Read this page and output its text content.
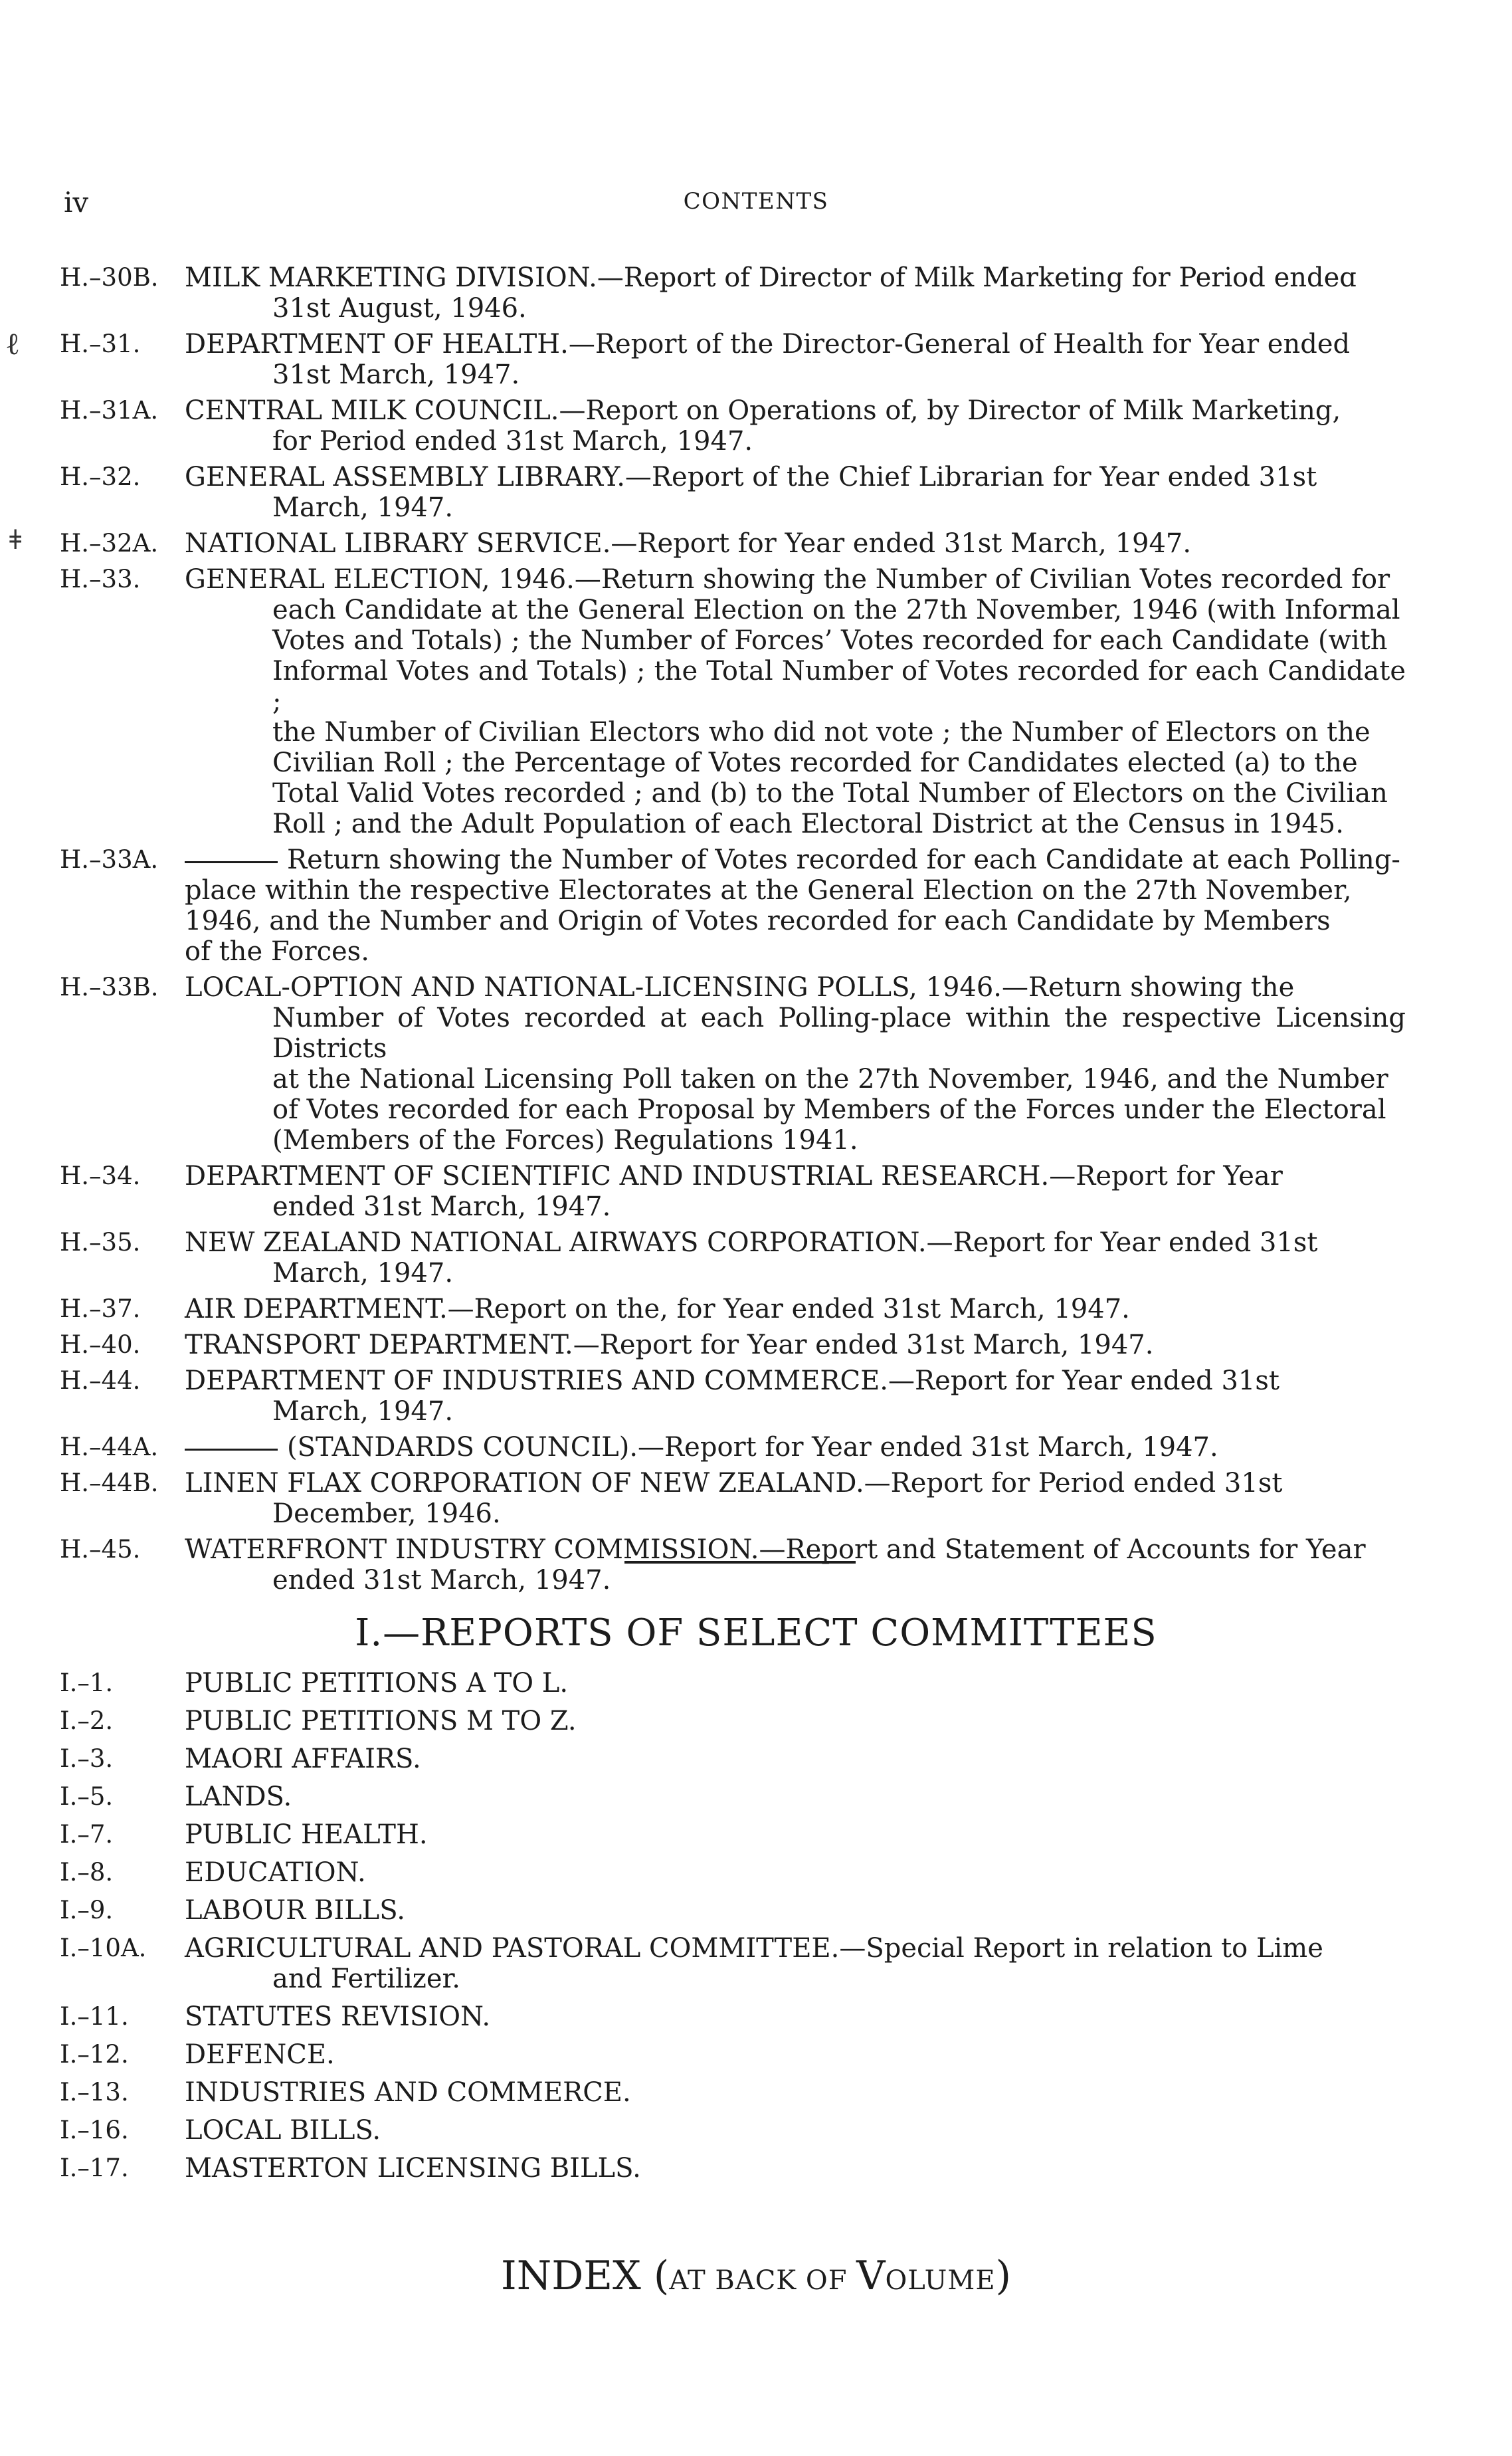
iv	CONTENTS
ℓ
ǂ
H.–30B. MILK MARKETING DIVISION.—Report of Director of Milk Marketing for Period endeɑ
31st August, 1946.
H.–31.	DEPARTMENT OF HEALTH.—Report of the Director-General of Health for Year ended
31st March, 1947.
H.–31A. CENTRAL MILK COUNCIL.—Report on Operations of, by Director of Milk Marketing,
for Period ended 31st March, 1947.
H.–32.	GENERAL ASSEMBLY LIBRARY.—Report of the Chief Librarian for Year ended 31st
March, 1947.
H.–32A. NATIONAL LIBRARY SERVICE.—Report for Year ended 31st March, 1947.
H.–33.	GENERAL ELECTION, 1946.—Return showing the Number of Civilian Votes recorded for
each Candidate at the General Election on the 27th November, 1946 (with Informal
Votes and Totals) ; the Number of Forces’ Votes recorded for each Candidate (with
Informal Votes and Totals) ; the Total Number of Votes recorded for each Candidate ;
the Number of Civilian Electors who did not vote ; the Number of Electors on the
Civilian Roll ; the Percentage of Votes recorded for Candidates elected (a) to the
Total Valid Votes recorded ; and (b) to the Total Number of Electors on the Civilian
Roll ; and the Adult Population of each Electoral District at the Census in 1945.
H.–33A.	Return showing the Number of Votes recorded for each Candidate at each Polling-
place within the respective Electorates at the General Election on the 27th November,
1946, and the Number and Origin of Votes recorded for each Candidate by Members
of the Forces.
H.–33B. LOCAL-OPTION AND NATIONAL-LICENSING POLLS, 1946.—Return showing the
Number of Votes recorded at each Polling-place within the respective Licensing Districts
at the National Licensing Poll taken on the 27th November, 1946, and the Number
of Votes recorded for each Proposal by Members of the Forces under the Electoral
(Members of the Forces) Regulations 1941.
H.–34.	DEPARTMENT OF SCIENTIFIC AND INDUSTRIAL RESEARCH.—Report for Year
ended 31st March, 1947.
H.–35.	NEW ZEALAND NATIONAL AIRWAYS CORPORATION.—Report for Year ended 31st
March, 1947.
H.–37.	AIR DEPARTMENT.—Report on the, for Year ended 31st March, 1947.
H.–40.	TRANSPORT DEPARTMENT.—Report for Year ended 31st March, 1947.
H.–44.	DEPARTMENT OF INDUSTRIES AND COMMERCE.—Report for Year ended 31st
March, 1947.
H.–44A.	(STANDARDS COUNCIL).—Report for Year ended 31st March, 1947.
H.–44B. LINEN FLAX CORPORATION OF NEW ZEALAND.—Report for Period ended 31st
December, 1946.
H.–45.	WATERFRONT INDUSTRY COMMISSION.—Report and Statement of Accounts for Year
ended 31st March, 1947.
I.—REPORTS OF SELECT COMMITTEES
I.–1.	PUBLIC PETITIONS A TO L.
I.–2.	PUBLIC PETITIONS M TO Z.
I.–3.	MAORI AFFAIRS.
I.–5.	LANDS.
I.–7.	PUBLIC HEALTH.
I.–8.	EDUCATION.
I.–9.	LABOUR BILLS.
I.–10A.	AGRICULTURAL AND PASTORAL COMMITTEE.—Special Report in relation to Lime
and Fertilizer.
I.–11.	STATUTES REVISION.
I.–12.	DEFENCE.
I.–13.	INDUSTRIES AND COMMERCE.
I.–16.	LOCAL BILLS.
I.–17.	MASTERTON LICENSING BILLS.
INDEX (AT BACK OF VOLUME)
